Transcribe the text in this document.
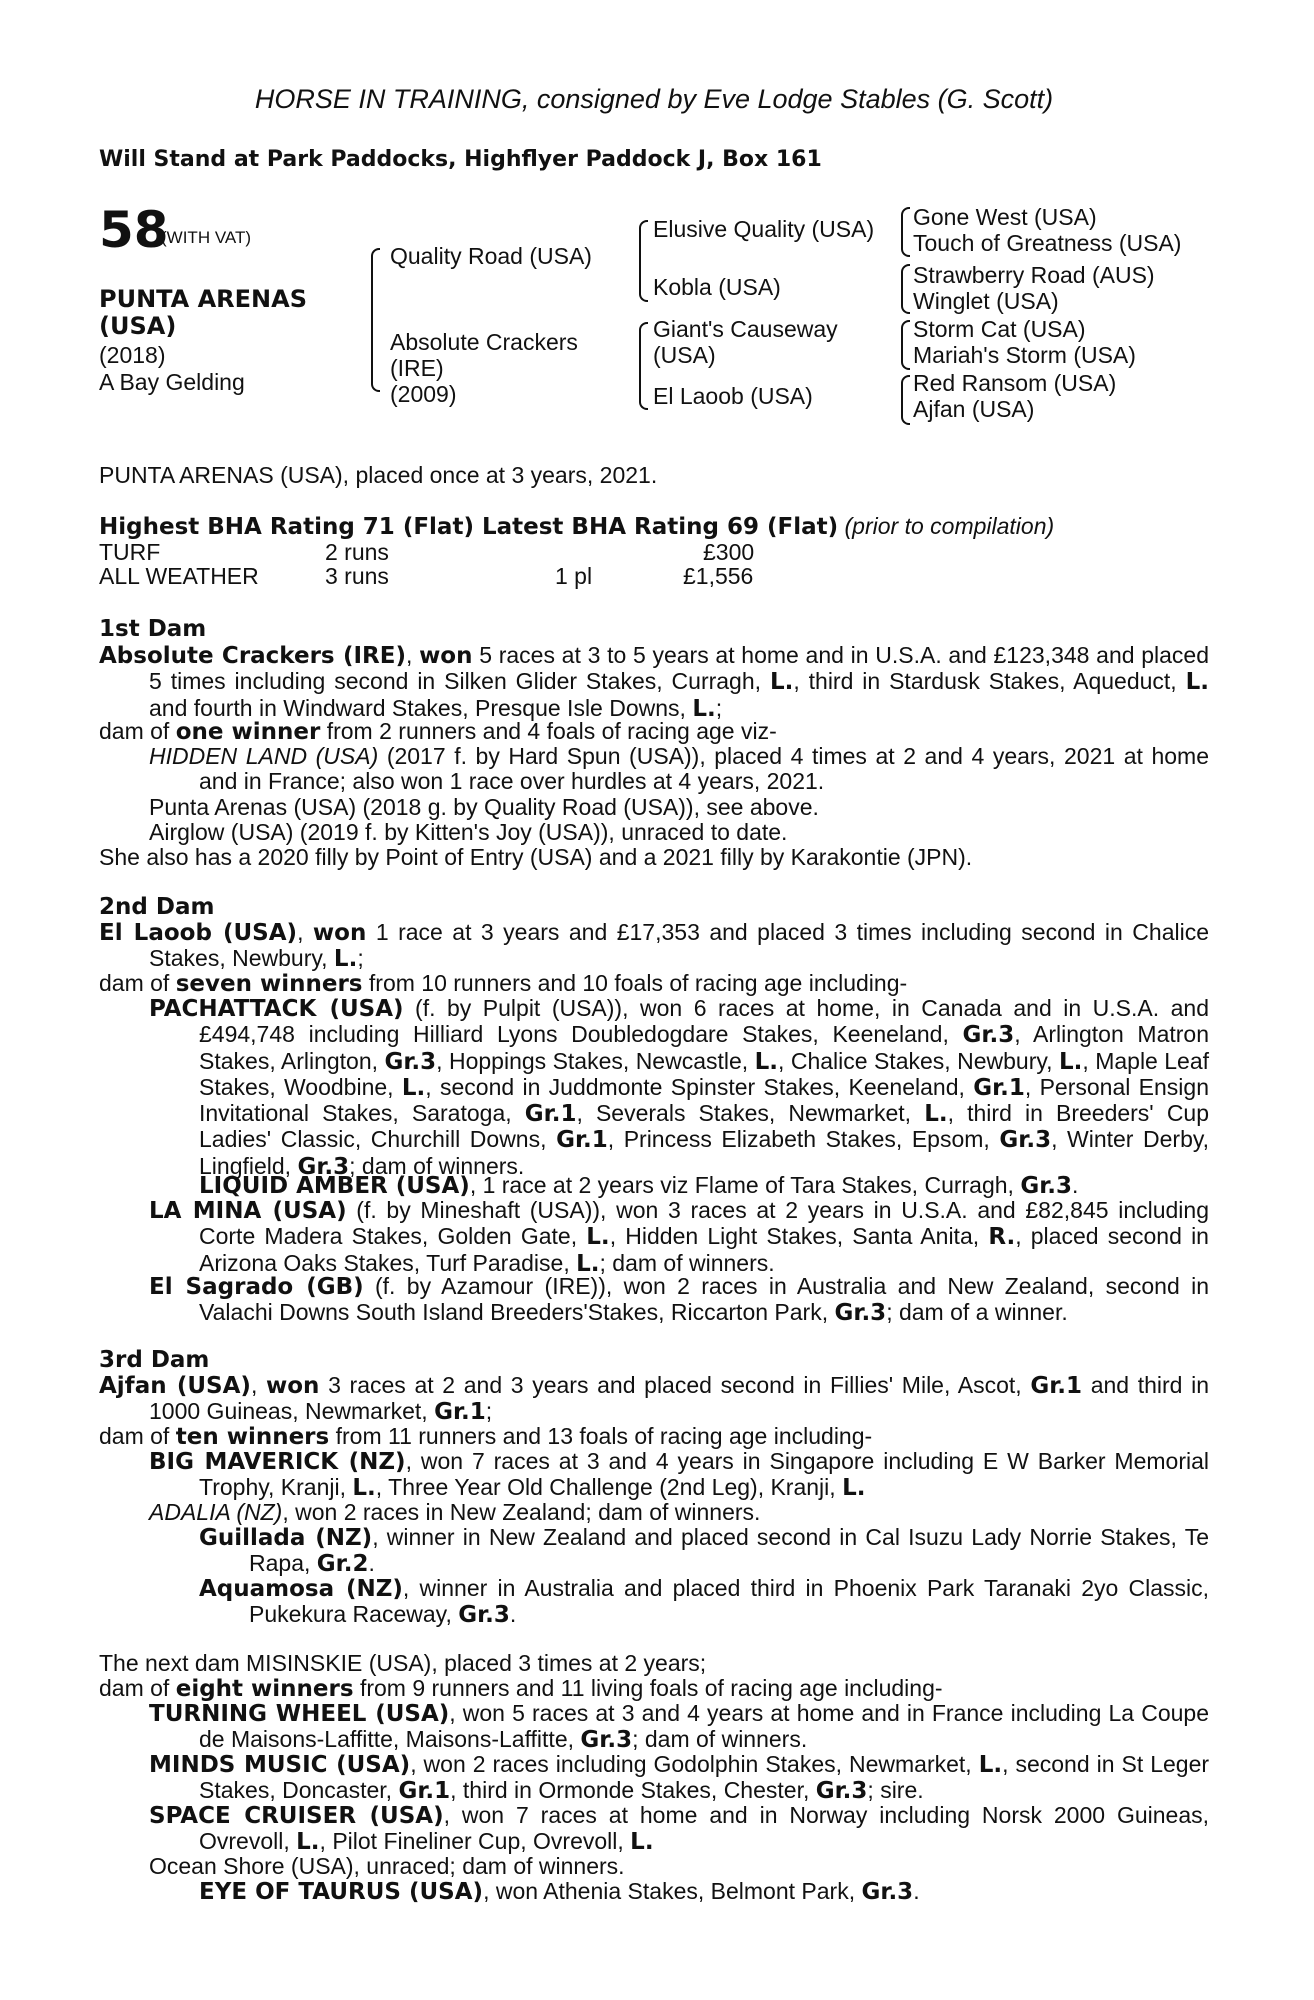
HORSE IN TRAINING, consigned by Eve Lodge Stables (G. Scott)
Will Stand at Park Paddocks, Highflyer Paddock J, Box 161
58
(WITH VAT)
PUNTA ARENAS
(USA)
(2018)
A Bay Gelding
Quality Road (USA)
Absolute Crackers
(IRE)
(2009)
Elusive Quality (USA)
Kobla (USA)
Giant's Causeway
(USA)
El Laoob (USA)
Gone West (USA)
Touch of Greatness (USA)
Strawberry Road (AUS)
Winglet (USA)
Storm Cat (USA)
Mariah's Storm (USA)
Red Ransom (USA)
Ajfan (USA)
PUNTA ARENAS (USA), placed once at 3 years, 2021.
Highest BHA Rating 71 (Flat) Latest BHA Rating 69 (Flat) (prior to compilation)
TURF	2 runs	£300
ALL WEATHER	3 runs	1 pl	£1,556
1st Dam
Absolute Crackers (IRE), won 5 races at 3 to 5 years at home and in U.S.A. and £123,348 and placed 5 times including second in Silken Glider Stakes, Curragh, L., third in Stardusk Stakes, Aqueduct, L. and fourth in Windward Stakes, Presque Isle Downs, L.;
dam of one winner from 2 runners and 4 foals of racing age viz-
HIDDEN LAND (USA) (2017 f. by Hard Spun (USA)), placed 4 times at 2 and 4 years, 2021 at home and in France; also won 1 race over hurdles at 4 years, 2021.
Punta Arenas (USA) (2018 g. by Quality Road (USA)), see above.
Airglow (USA) (2019 f. by Kitten's Joy (USA)), unraced to date.
She also has a 2020 filly by Point of Entry (USA) and a 2021 filly by Karakontie (JPN).
2nd Dam
El Laoob (USA), won 1 race at 3 years and £17,353 and placed 3 times including second in Chalice Stakes, Newbury, L.;
dam of seven winners from 10 runners and 10 foals of racing age including-
PACHATTACK (USA) (f. by Pulpit (USA)), won 6 races at home, in Canada and in U.S.A. and £494,748 including Hilliard Lyons Doubledogdare Stakes, Keeneland, Gr.3, Arlington Matron Stakes, Arlington, Gr.3, Hoppings Stakes, Newcastle, L., Chalice Stakes, Newbury, L., Maple Leaf Stakes, Woodbine, L., second in Juddmonte Spinster Stakes, Keeneland, Gr.1, Personal Ensign Invitational Stakes, Saratoga, Gr.1, Severals Stakes, Newmarket, L., third in Breeders' Cup Ladies' Classic, Churchill Downs, Gr.1, Princess Elizabeth Stakes, Epsom, Gr.3, Winter Derby, Lingfield, Gr.3; dam of winners.
LIQUID AMBER (USA), 1 race at 2 years viz Flame of Tara Stakes, Curragh, Gr.3.
LA MINA (USA) (f. by Mineshaft (USA)), won 3 races at 2 years in U.S.A. and £82,845 including Corte Madera Stakes, Golden Gate, L., Hidden Light Stakes, Santa Anita, R., placed second in Arizona Oaks Stakes, Turf Paradise, L.; dam of winners.
El Sagrado (GB) (f. by Azamour (IRE)), won 2 races in Australia and New Zealand, second in Valachi Downs South Island Breeders'Stakes, Riccarton Park, Gr.3; dam of a winner.
3rd Dam
Ajfan (USA), won 3 races at 2 and 3 years and placed second in Fillies' Mile, Ascot, Gr.1 and third in 1000 Guineas, Newmarket, Gr.1;
dam of ten winners from 11 runners and 13 foals of racing age including-
BIG MAVERICK (NZ), won 7 races at 3 and 4 years in Singapore including E W Barker Memorial Trophy, Kranji, L., Three Year Old Challenge (2nd Leg), Kranji, L.
ADALIA (NZ), won 2 races in New Zealand; dam of winners.
Guillada (NZ), winner in New Zealand and placed second in Cal Isuzu Lady Norrie Stakes, Te Rapa, Gr.2.
Aquamosa (NZ), winner in Australia and placed third in Phoenix Park Taranaki 2yo Classic, Pukekura Raceway, Gr.3.
The next dam MISINSKIE (USA), placed 3 times at 2 years;
dam of eight winners from 9 runners and 11 living foals of racing age including-
TURNING WHEEL (USA), won 5 races at 3 and 4 years at home and in France including La Coupe de Maisons-Laffitte, Maisons-Laffitte, Gr.3; dam of winners.
MINDS MUSIC (USA), won 2 races including Godolphin Stakes, Newmarket, L., second in St Leger Stakes, Doncaster, Gr.1, third in Ormonde Stakes, Chester, Gr.3; sire.
SPACE CRUISER (USA), won 7 races at home and in Norway including Norsk 2000 Guineas, Ovrevoll, L., Pilot Fineliner Cup, Ovrevoll, L.
Ocean Shore (USA), unraced; dam of winners.
EYE OF TAURUS (USA), won Athenia Stakes, Belmont Park, Gr.3.
